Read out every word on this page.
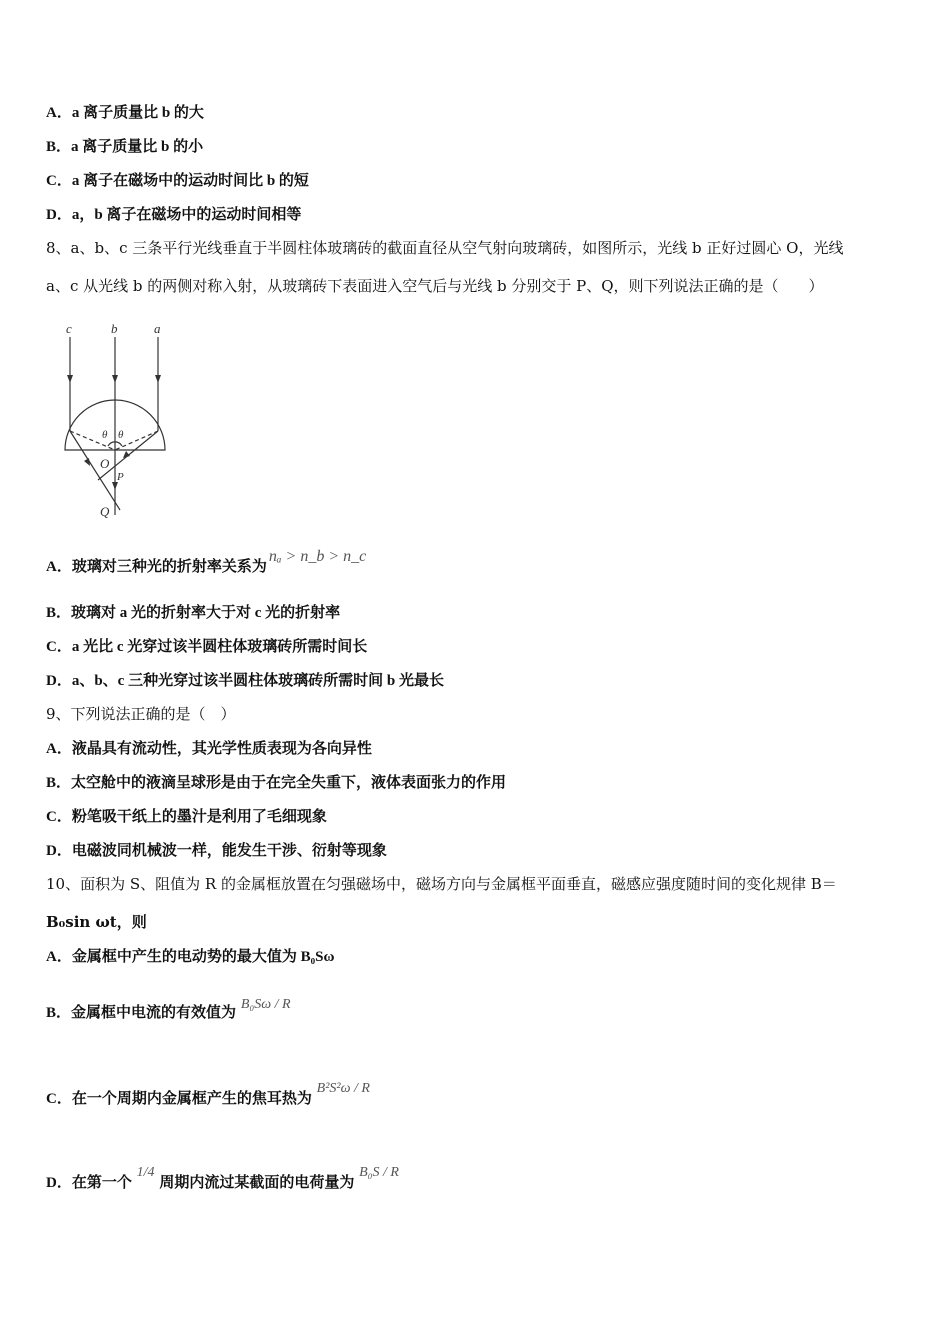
A．a 离子质量比 b 的大
B．a 离子质量比 b 的小
C．a 离子在磁场中的运动时间比 b 的短
D．a，b 离子在磁场中的运动时间相等
8、a、b、c 三条平行光线垂直于半圆柱体玻璃砖的截面直径从空气射向玻璃砖，如图所示，光线 b 正好过圆心 O，光线
a、c 从光线 b 的两侧对称入射，从玻璃砖下表面进入空气后与光线 b 分别交于 P、Q，则下列说法正确的是（　　）
c	b	a
θ θ
O
P
Q
A．玻璃对三种光的折射率关系为nₐ > n_b > n_c
B．玻璃对 a 光的折射率大于对 c 光的折射率
C．a 光比 c 光穿过该半圆柱体玻璃砖所需时间长
D．a、b、c 三种光穿过该半圆柱体玻璃砖所需时间 b 光最长
9、下列说法正确的是（　）
A．液晶具有流动性，其光学性质表现为各向异性
B．太空舱中的液滴呈球形是由于在完全失重下，液体表面张力的作用
C．粉笔吸干纸上的墨汁是利用了毛细现象
D．电磁波同机械波一样，能发生干涉、衍射等现象
10、面积为 S、阻值为 R 的金属框放置在匀强磁场中，磁场方向与金属框平面垂直，磁感应强度随时间的变化规律 B＝
B₀sin ωt，则
A．金属框中产生的电动势的最大值为 B₀Sω
B．金属框中电流的有效值为 B₀Sω / R
C．在一个周期内金属框产生的焦耳热为 B²S²ω / R
D．在第一个 1/4 周期内流过某截面的电荷量为 B₀S / R
